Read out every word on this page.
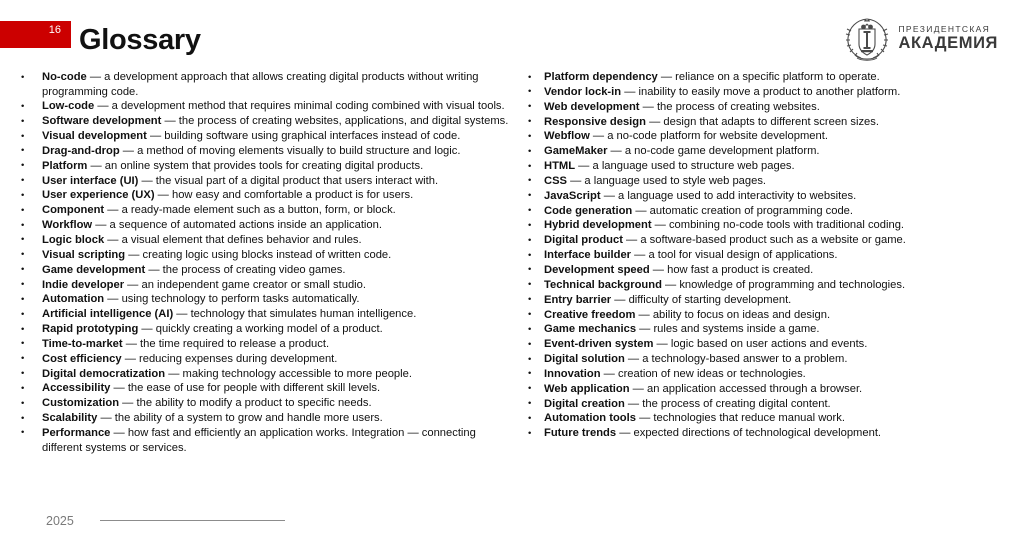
16 Glossary	ПРЕЗИДЕНТСКАЯ
АКАДЕМИЯ
• No-code — a development approach that allows creating digital products without writing programming code.
• Low-code — a development method that requires minimal coding combined with visual tools.
• Software development — the process of creating websites, applications, and digital systems.
• Visual development — building software using graphical interfaces instead of code.
• Drag-and-drop — a method of moving elements visually to build structure and logic.
• Platform — an online system that provides tools for creating digital products.
• User interface (UI) — the visual part of a digital product that users interact with.
• User experience (UX) — how easy and comfortable a product is for users.
• Component — a ready-made element such as a button, form, or block.
• Workflow — a sequence of automated actions inside an application.
• Logic block — a visual element that defines behavior and rules.
• Visual scripting — creating logic using blocks instead of written code.
• Game development — the process of creating video games.
• Indie developer — an independent game creator or small studio.
• Automation — using technology to perform tasks automatically.
• Artificial intelligence (AI) — technology that simulates human intelligence.
• Rapid prototyping — quickly creating a working model of a product.
• Time-to-market — the time required to release a product.
• Cost efficiency — reducing expenses during development.
• Digital democratization — making technology accessible to more people.
• Accessibility — the ease of use for people with different skill levels.
• Customization — the ability to modify a product to specific needs.
• Scalability — the ability of a system to grow and handle more users.
• Performance — how fast and efficiently an application works. Integration — connecting different systems or services.
• Platform dependency — reliance on a specific platform to operate.
• Vendor lock-in — inability to easily move a product to another platform.
• Web development — the process of creating websites.
• Responsive design — design that adapts to different screen sizes.
• Webflow — a no-code platform for website development.
• GameMaker — a no-code game development platform.
• HTML — a language used to structure web pages.
• CSS — a language used to style web pages.
• JavaScript — a language used to add interactivity to websites.
• Code generation — automatic creation of programming code.
• Hybrid development — combining no-code tools with traditional coding.
• Digital product — a software-based product such as a website or game.
• Interface builder — a tool for visual design of applications.
• Development speed — how fast a product is created.
• Technical background — knowledge of programming and technologies.
• Entry barrier — difficulty of starting development.
• Creative freedom — ability to focus on ideas and design.
• Game mechanics — rules and systems inside a game.
• Event-driven system — logic based on user actions and events.
• Digital solution — a technology-based answer to a problem.
• Innovation — creation of new ideas or technologies.
• Web application — an application accessed through a browser.
• Digital creation — the process of creating digital content.
• Automation tools — technologies that reduce manual work.
• Future trends — expected directions of technological development.
2025
